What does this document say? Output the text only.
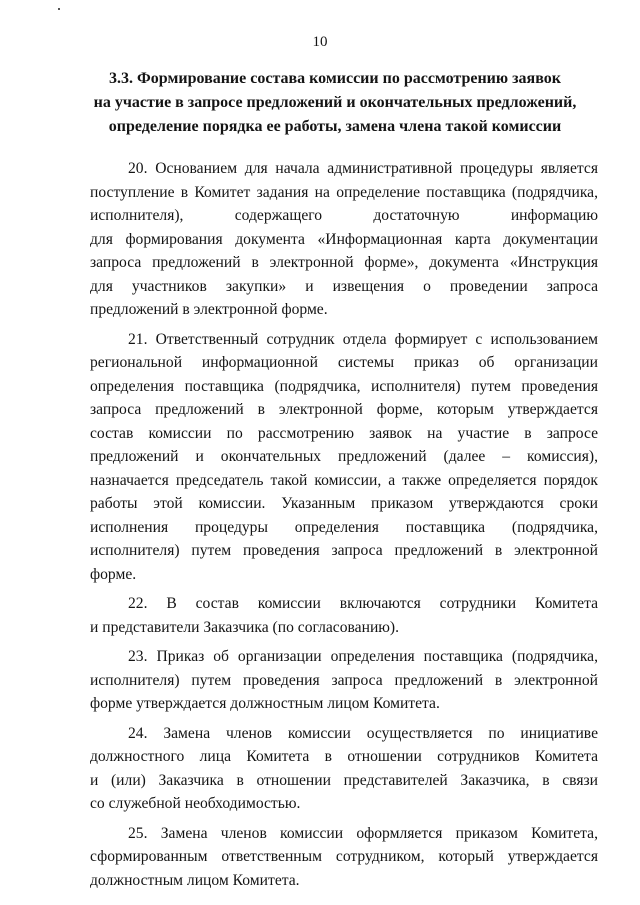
10
3.3. Формирование состава комиссии по рассмотрению заявок
на участие в запросе предложений и окончательных предложений,
определение порядка ее работы, замена члена такой комиссии
20. Основанием для начала административной процедуры является
поступление в Комитет задания на определение поставщика (подрядчика,
исполнителя), содержащего достаточную информацию
для формирования документа «Информационная карта документации
запроса предложений в электронной форме», документа «Инструкция
для участников закупки» и извещения о проведении запроса
предложений в электронной форме.
21. Ответственный сотрудник отдела формирует с использованием
региональной информационной системы приказ об организации
определения поставщика (подрядчика, исполнителя) путем проведения
запроса предложений в электронной форме, которым утверждается
состав комиссии по рассмотрению заявок на участие в запросе
предложений и окончательных предложений (далее – комиссия),
назначается председатель такой комиссии, а также определяется порядок
работы этой комиссии. Указанным приказом утверждаются сроки
исполнения процедуры определения поставщика (подрядчика,
исполнителя) путем проведения запроса предложений в электронной
форме.
22. В состав комиссии включаются сотрудники Комитета
и представители Заказчика (по согласованию).
23. Приказ об организации определения поставщика (подрядчика,
исполнителя) путем проведения запроса предложений в электронной
форме утверждается должностным лицом Комитета.
24. Замена членов комиссии осуществляется по инициативе
должностного лица Комитета в отношении сотрудников Комитета
и (или) Заказчика в отношении представителей Заказчика, в связи
со служебной необходимостью.
25. Замена членов комиссии оформляется приказом Комитета,
сформированным ответственным сотрудником, который утверждается
должностным лицом Комитета.
